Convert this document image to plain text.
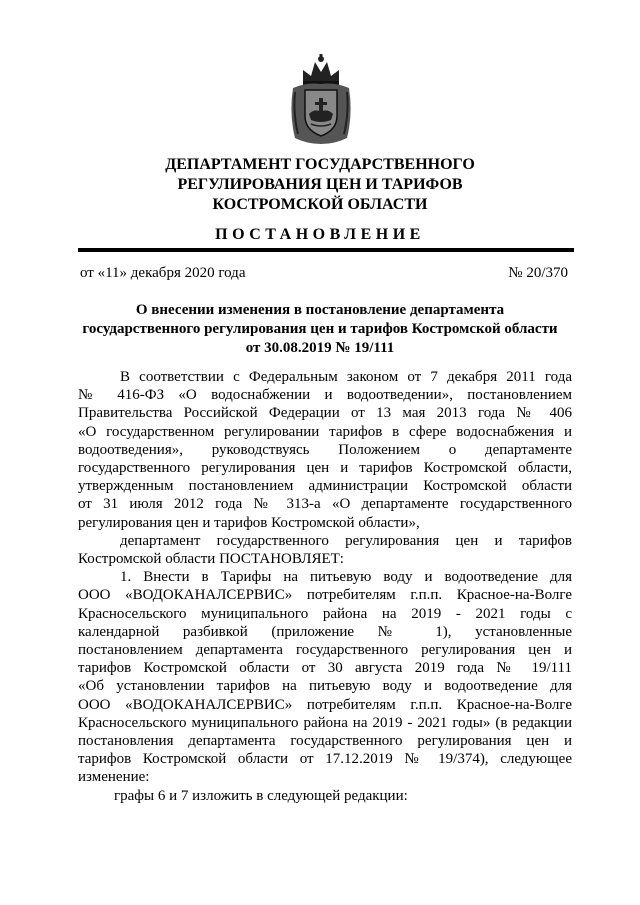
ДЕПАРТАМЕНТ ГОСУДАРСТВЕННОГО
РЕГУЛИРОВАНИЯ ЦЕН И ТАРИФОВ
КОСТРОМСКОЙ ОБЛАСТИ
ПОСТАНОВЛЕНИЕ
от «11» декабря 2020 года	№ 20/370
О внесении изменения в постановление департамента
государственного регулирования цен и тарифов Костромской области
от 30.08.2019 № 19/111
В соответствии с Федеральным законом от 7 декабря 2011 года
№ 416-ФЗ «О водоснабжении и водоотведении», постановлением
Правительства Российской Федерации от 13 мая 2013 года № 406
«О государственном регулировании тарифов в сфере водоснабжения и
водоотведения», руководствуясь Положением о департаменте
государственного регулирования цен и тарифов Костромской области,
утвержденным постановлением администрации Костромской области
от 31 июля 2012 года № 313-а «О департаменте государственного
регулирования цен и тарифов Костромской области»,
департамент государственного регулирования цен и тарифов
Костромской области ПОСТАНОВЛЯЕТ:
1. Внести в Тарифы на питьевую воду и водоотведение для
ООО «ВОДОКАНАЛСЕРВИС» потребителям г.п.п. Красное-на-Волге
Красносельского муниципального района на 2019 - 2021 годы с
календарной разбивкой (приложение № 1), установленные
постановлением департамента государственного регулирования цен и
тарифов Костромской области от 30 августа 2019 года № 19/111
«Об установлении тарифов на питьевую воду и водоотведение для
ООО «ВОДОКАНАЛСЕРВИС» потребителям г.п.п. Красное-на-Волге
Красносельского муниципального района на 2019 - 2021 годы» (в редакции
постановления департамента государственного регулирования цен и
тарифов Костромской области от 17.12.2019 № 19/374), следующее
изменение:
графы 6 и 7 изложить в следующей редакции:
